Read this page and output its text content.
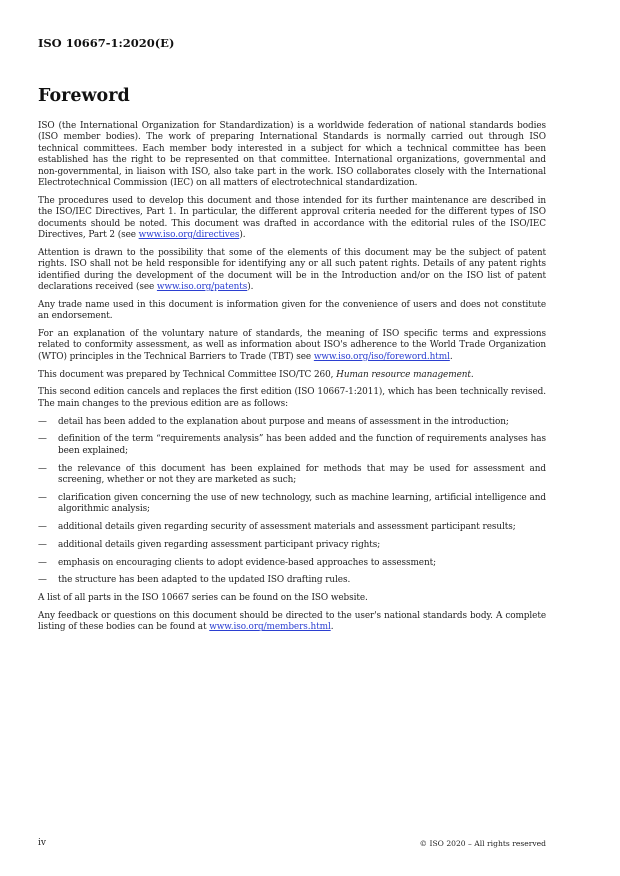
ISO 10667-1:2020(E)
Foreword

ISO (the International Organization for Standardization) is a worldwide federation of national standards bodies (ISO member bodies). The work of preparing International Standards is normally carried out through ISO technical committees. Each member body interested in a subject for which a technical committee has been established has the right to be represented on that committee. International organizations, governmental and non-governmental, in liaison with ISO, also take part in the work. ISO collaborates closely with the International Electrotechnical Commission (IEC) on all matters of electrotechnical standardization.

The procedures used to develop this document and those intended for its further maintenance are described in the ISO/IEC Directives, Part 1. In particular, the different approval criteria needed for the different types of ISO documents should be noted. This document was drafted in accordance with the editorial rules of the ISO/IEC Directives, Part 2 (see www.iso.org/directives).

Attention is drawn to the possibility that some of the elements of this document may be the subject of patent rights. ISO shall not be held responsible for identifying any or all such patent rights. Details of any patent rights identified during the development of the document will be in the Introduction and/or on the ISO list of patent declarations received (see www.iso.org/patents).

Any trade name used in this document is information given for the convenience of users and does not constitute an endorsement.

For an explanation of the voluntary nature of standards, the meaning of ISO specific terms and expressions related to conformity assessment, as well as information about ISO's adherence to the World Trade Organization (WTO) principles in the Technical Barriers to Trade (TBT) see www.iso.org/iso/foreword.html.

This document was prepared by Technical Committee ISO/TC 260, Human resource management.

This second edition cancels and replaces the first edition (ISO 10667-1:2011), which has been technically revised. The main changes to the previous edition are as follows:

— detail has been added to the explanation about purpose and means of assessment in the introduction;
— definition of the term “requirements analysis” has been added and the function of requirements analyses has been explained;
— the relevance of this document has been explained for methods that may be used for assessment and screening, whether or not they are marketed as such;
— clarification given concerning the use of new technology, such as machine learning, artificial intelligence and algorithmic analysis;
— additional details given regarding security of assessment materials and assessment participant results;
— additional details given regarding assessment participant privacy rights;
— emphasis on encouraging clients to adopt evidence-based approaches to assessment;
— the structure has been adapted to the updated ISO drafting rules.

A list of all parts in the ISO 10667 series can be found on the ISO website.

Any feedback or questions on this document should be directed to the user's national standards body. A complete listing of these bodies can be found at www.iso.org/members.html.

iv	© ISO 2020 – All rights reserved
